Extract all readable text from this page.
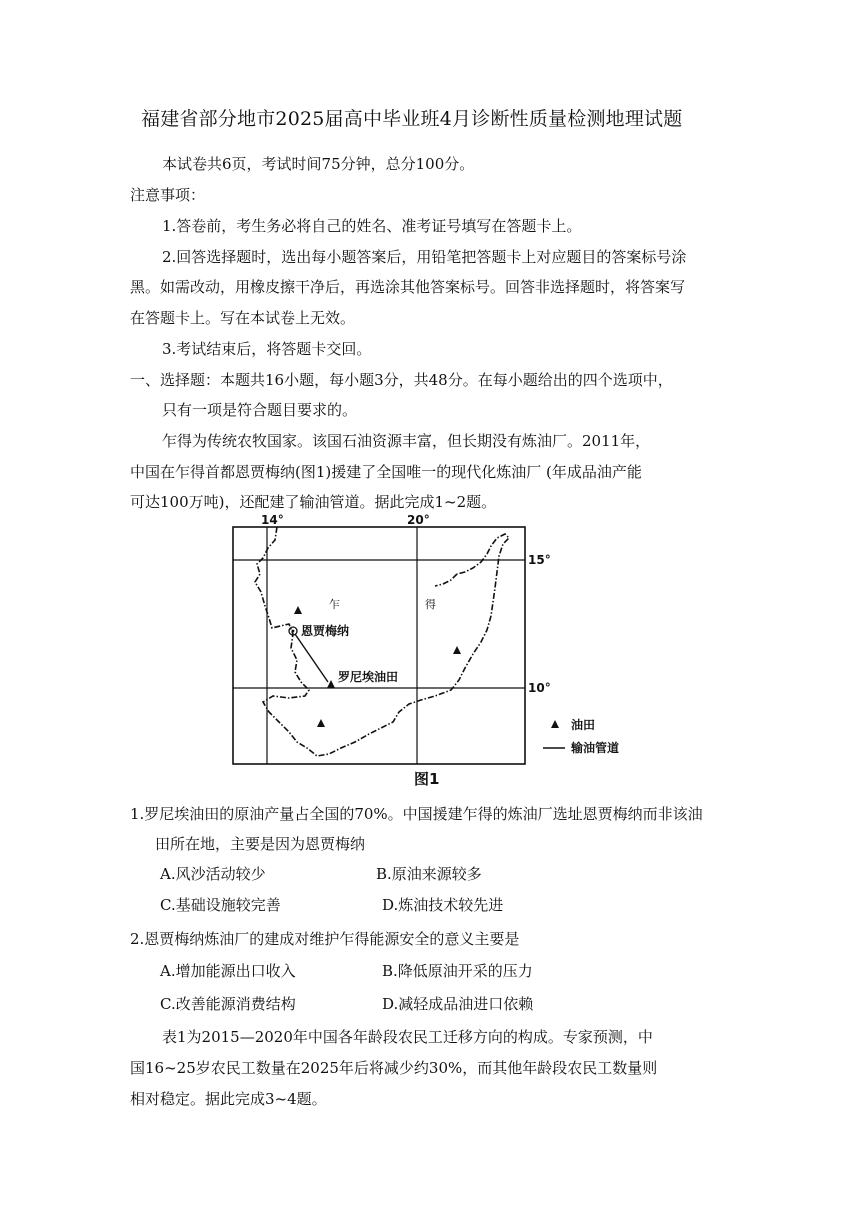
福建省部分地市2025届高中毕业班4月诊断性质量检测地理试题
本试卷共6页，考试时间75分钟，总分100分。
注意事项：
1.答卷前，考生务必将自己的姓名、准考证号填写在答题卡上。
2.回答选择题时，选出每小题答案后，用铅笔把答题卡上对应题目的答案标号涂
黑。如需改动，用橡皮擦干净后，再选涂其他答案标号。回答非选择题时，将答案写
在答题卡上。写在本试卷上无效。
3.考试结束后，将答题卡交回。
一、选择题：本题共16小题，每小题3分，共48分。在每小题给出的四个选项中，
只有一项是符合题目要求的。
乍得为传统农牧国家。该国石油资源丰富，但长期没有炼油厂。2011年，
中国在乍得首都恩贾梅纳(图1)援建了全国唯一的现代化炼油厂 (年成品油产能
可达100万吨)，还配建了输油管道。据此完成1~2题。
14°	20°
15°
10°
乍	得
恩贾梅纳
罗尼埃油田
油田
输油管道
图1
1.罗尼埃油田的原油产量占全国的70%。中国援建乍得的炼油厂选址恩贾梅纳而非该油
田所在地，主要是因为恩贾梅纳
A.风沙活动较少	B.原油来源较多
C.基础设施较完善	D.炼油技术较先进
2.恩贾梅纳炼油厂的建成对维护乍得能源安全的意义主要是
A.增加能源出口收入	B.降低原油开采的压力
C.改善能源消费结构	D.减轻成品油进口依赖
表1为2015—2020年中国各年龄段农民工迁移方向的构成。专家预测，中
国16~25岁农民工数量在2025年后将减少约30%，而其他年龄段农民工数量则
相对稳定。据此完成3~4题。
